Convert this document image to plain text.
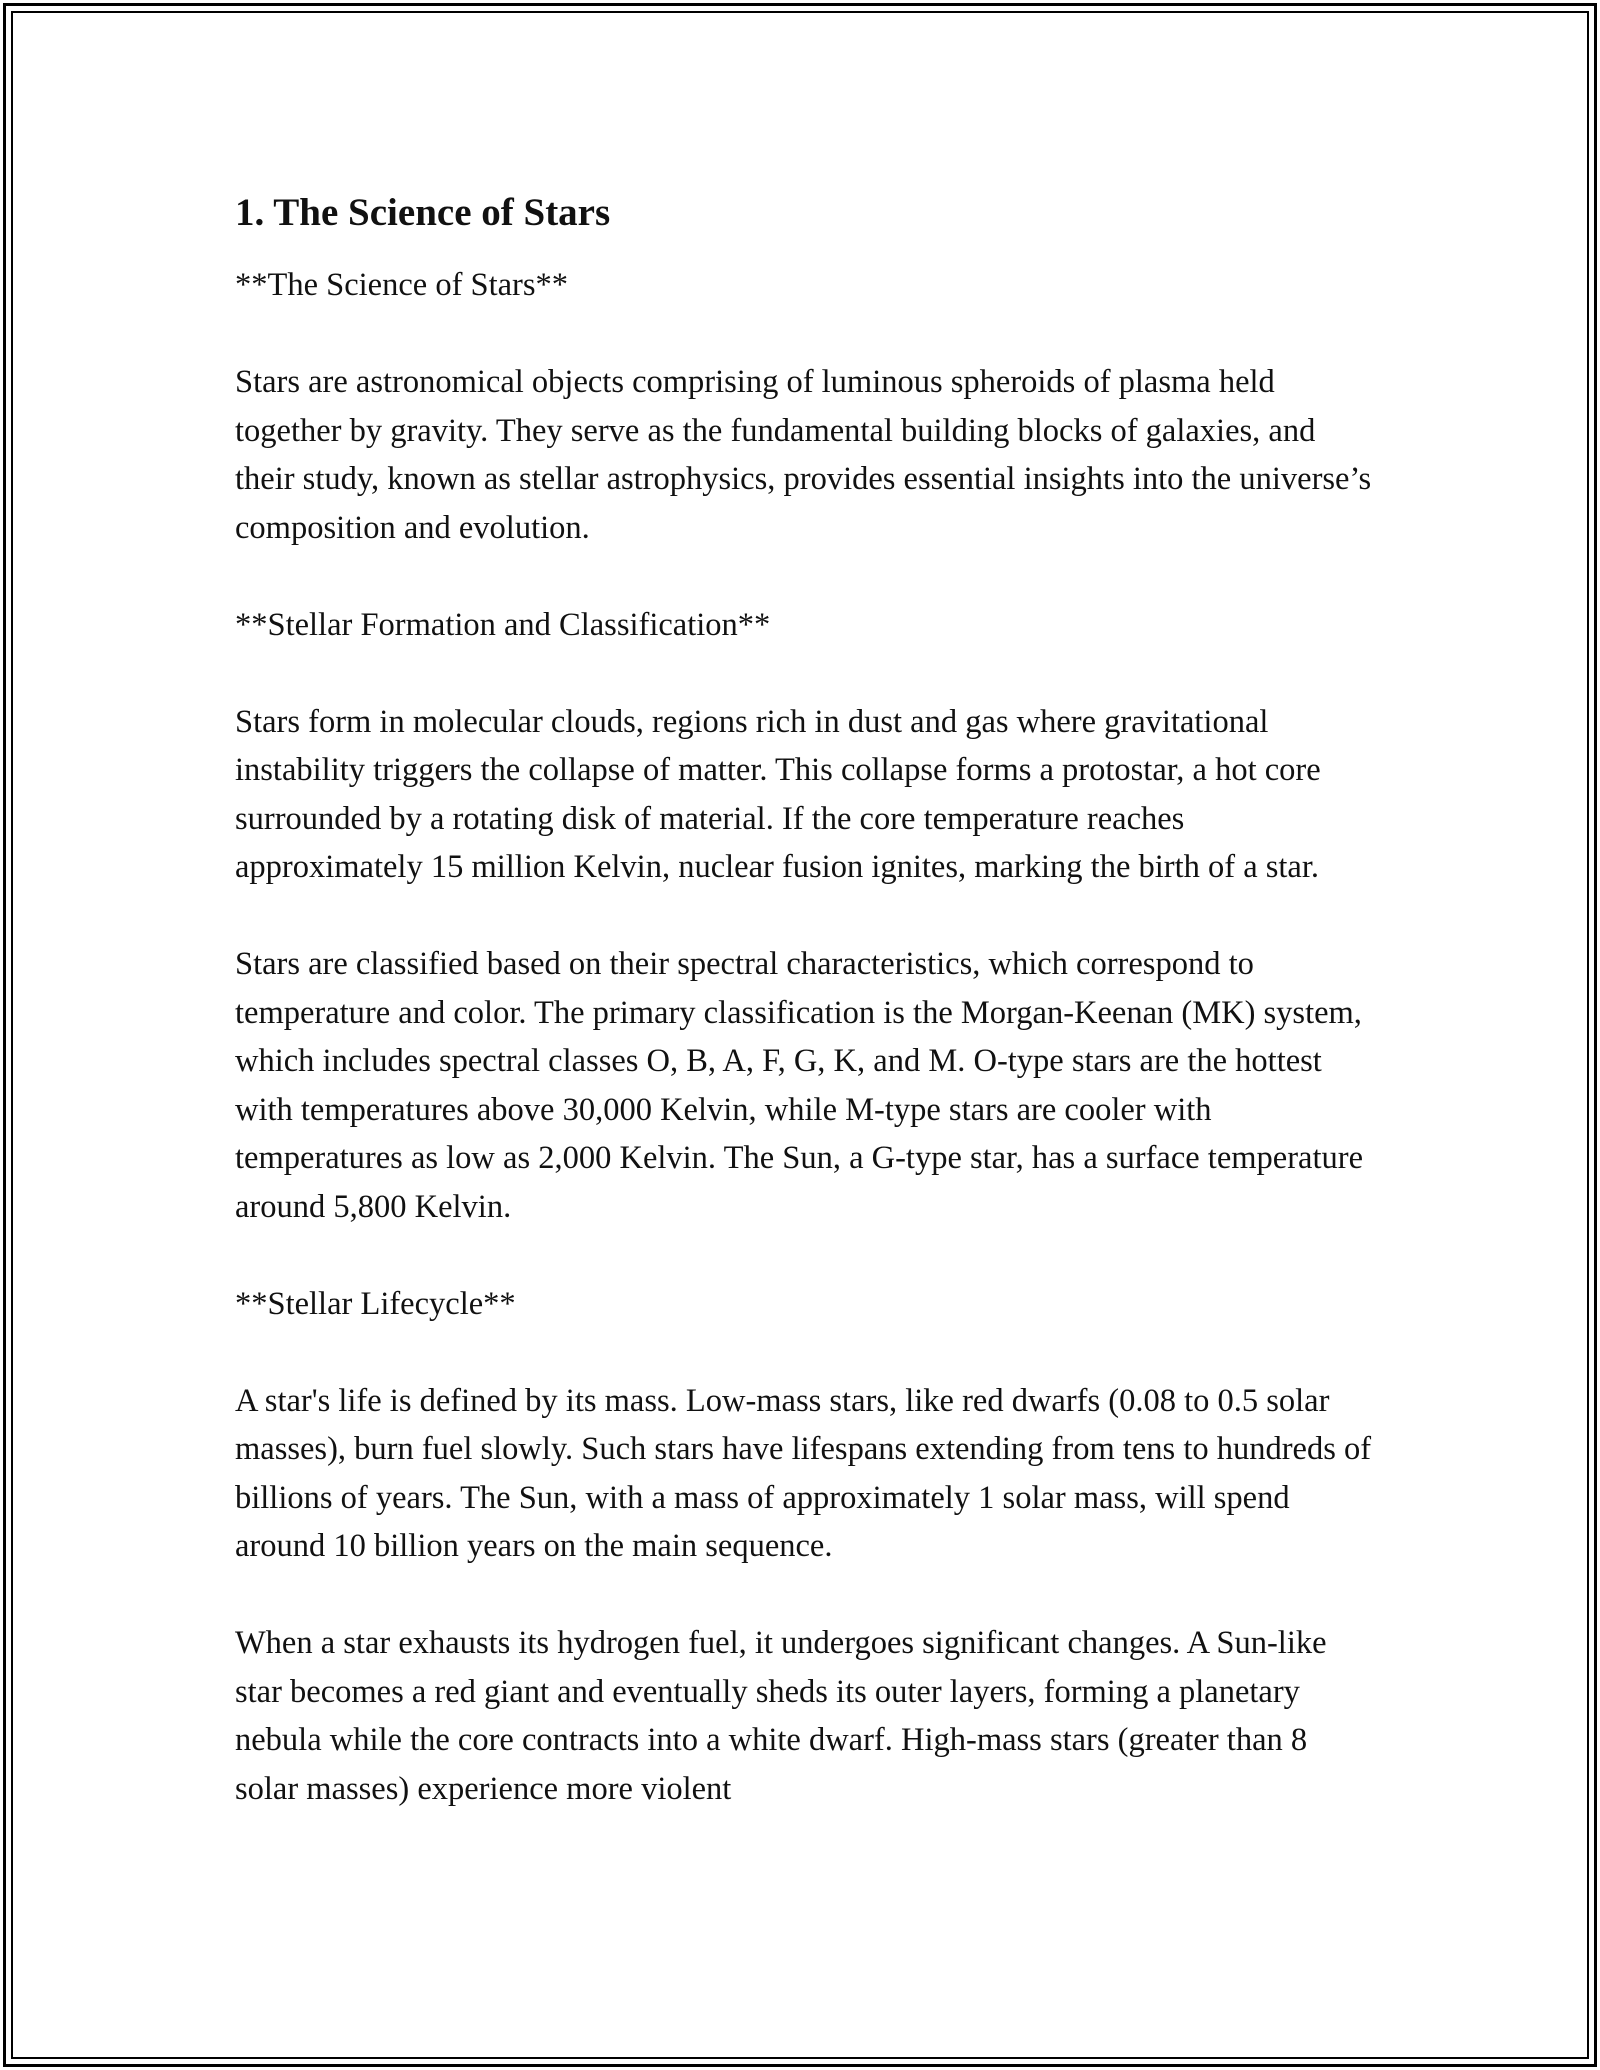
1. The Science of Stars

**The Science of Stars**

Stars are astronomical objects comprising of luminous spheroids of plasma held together by gravity. They serve as the fundamental building blocks of galaxies, and their study, known as stellar astrophysics, provides essential insights into the universe’s composition and evolution.

**Stellar Formation and Classification**

Stars form in molecular clouds, regions rich in dust and gas where gravitational instability triggers the collapse of matter. This collapse forms a protostar, a hot core surrounded by a rotating disk of material. If the core temperature reaches approximately 15 million Kelvin, nuclear fusion ignites, marking the birth of a star.

Stars are classified based on their spectral characteristics, which correspond to temperature and color. The primary classification is the Morgan-Keenan (MK) system, which includes spectral classes O, B, A, F, G, K, and M. O-type stars are the hottest with temperatures above 30,000 Kelvin, while M-type stars are cooler with temperatures as low as 2,000 Kelvin. The Sun, a G-type star, has a surface temperature around 5,800 Kelvin.

**Stellar Lifecycle**

A star's life is defined by its mass. Low-mass stars, like red dwarfs (0.08 to 0.5 solar masses), burn fuel slowly. Such stars have lifespans extending from tens to hundreds of billions of years. The Sun, with a mass of approximately 1 solar mass, will spend around 10 billion years on the main sequence.

When a star exhausts its hydrogen fuel, it undergoes significant changes. A Sun-like star becomes a red giant and eventually sheds its outer layers, forming a planetary nebula while the core contracts into a white dwarf. High-mass stars (greater than 8 solar masses) experience more violent
